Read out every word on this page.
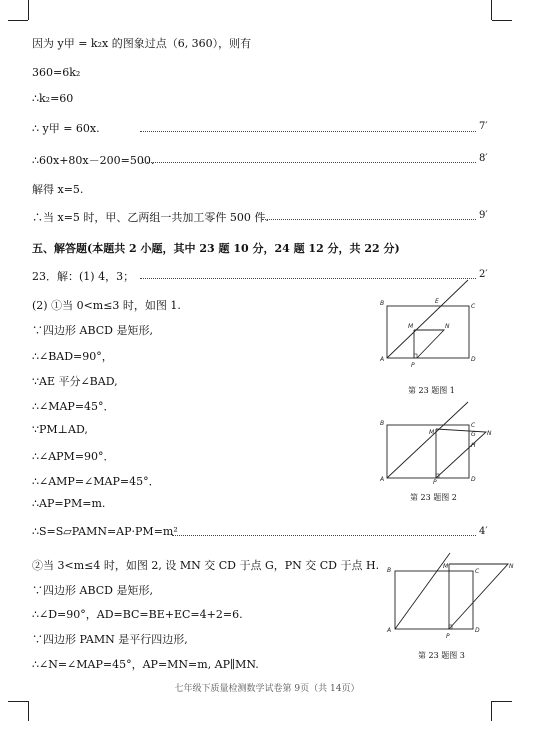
因为 y甲 = k₂x 的图象过点（6, 360），则有
360=6k₂
∴k₂=60
∴ y甲 = 60x.
∴60x+80x－200=500.
解得 x=5.
∴当 x=5 时，甲、乙两组一共加工零件 500 件.
五、解答题(本题共 2 小题，其中 23 题 10 分，24 题 12 分，共 22 分)
23．解：(1) 4，3；
(2) ①当 0<m≤3 时，如图 1.
∵四边形 ABCD 是矩形,
∴∠BAD=90°，
∵AE 平分∠BAD,
∴∠MAP=45°．
∵PM⊥AD,
∴∠APM=90°．
∴∠AMP=∠MAP=45°．
∴AP=PM=m.
∴S=S▱PAMN=AP·PM=m²
②当 3<m≤4 时，如图 2, 设 MN 交 CD 于点 G，PN 交 CD 于点 H.
∵四边形 ABCD 是矩形,
∴∠D=90°，AD=BC=BE+EC=4+2=6.
∵四边形 PAMN 是平行四边形,
∴∠N=∠MAP=45°，AP=MN=m, AP∥MN.
7′
8′
9′
2′
4′
B	E
C
M	N
A
P
D
第 23 题图 1
B
M
C
N
G
H
A	P	D
第 23 题图 2
B
M
C
N
A
P
D
第 23 题图 3
七年级下质量检测数学试卷第 9页（共 14页）
